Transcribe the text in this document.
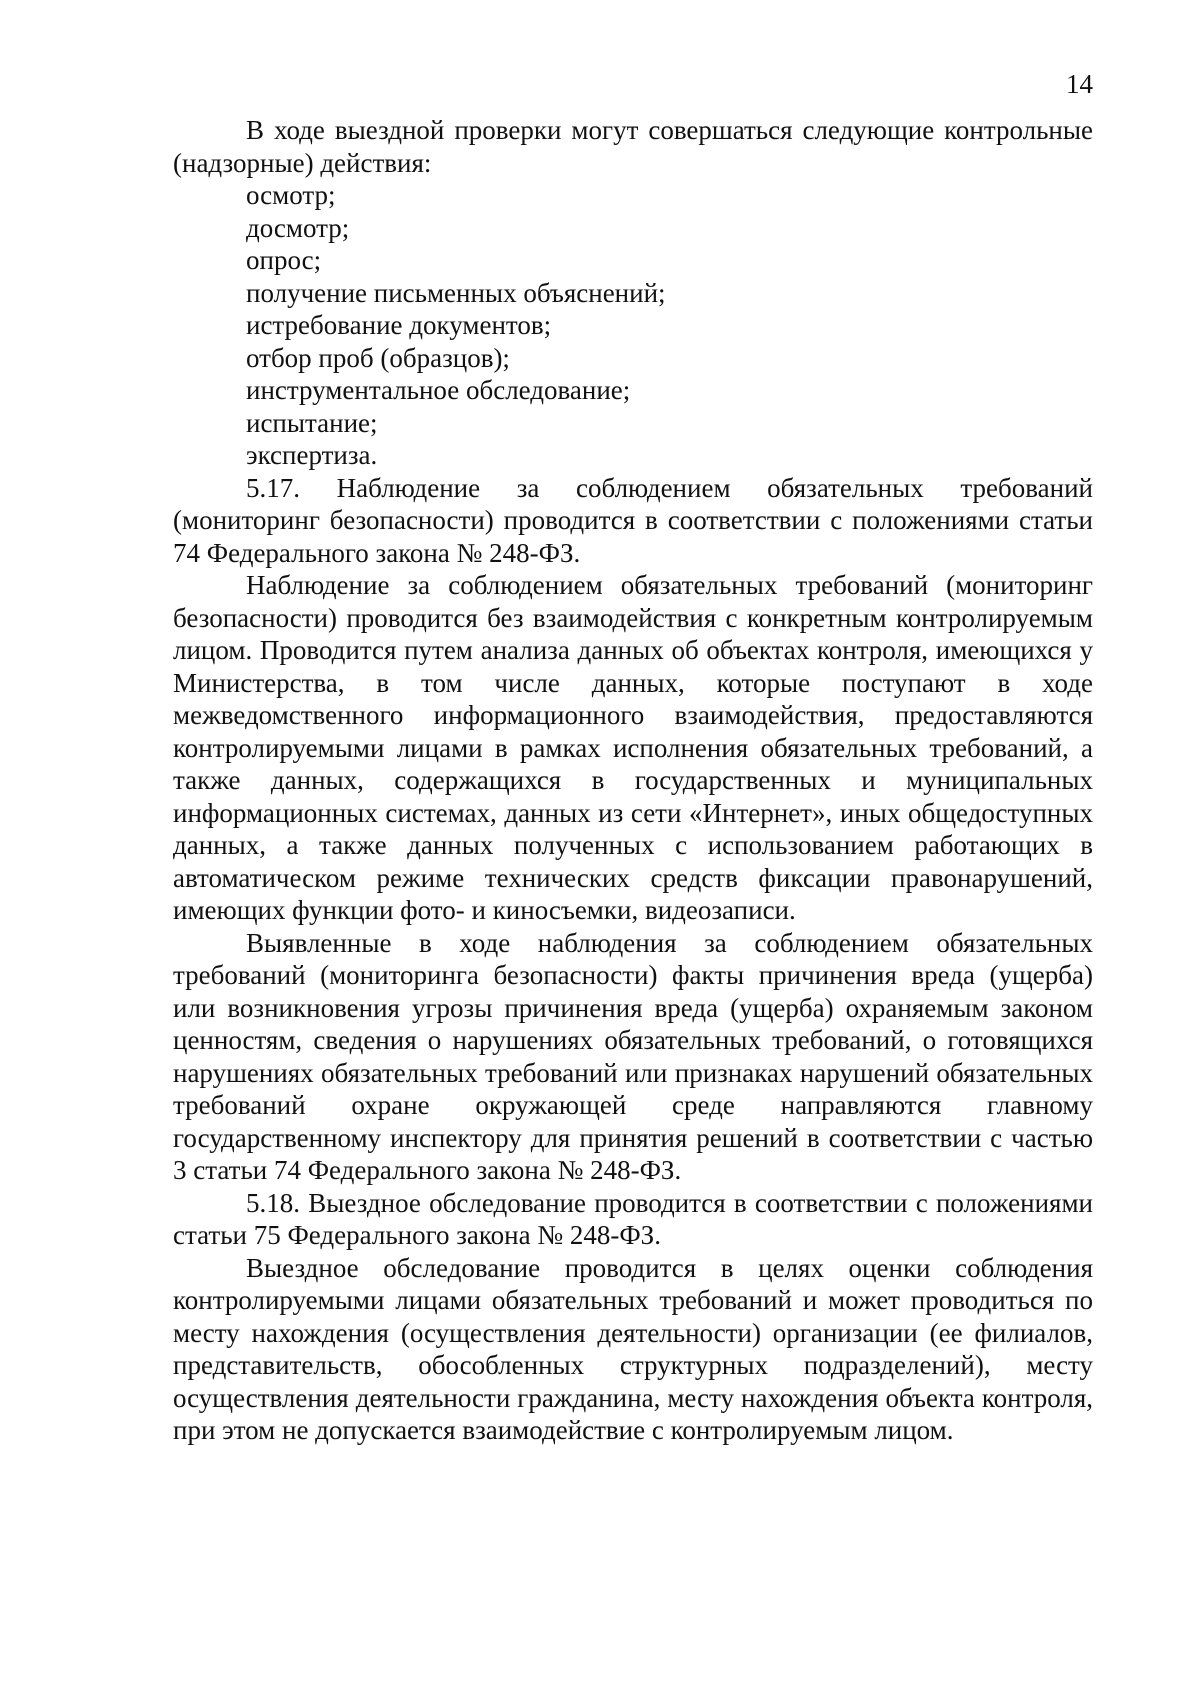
14

В ходе выездной проверки могут совершаться следующие контрольные (надзорные) действия:

осмотр;
досмотр;
опрос;
получение письменных объяснений;
истребование документов;
отбор проб (образцов);
инструментальное обследование;
испытание;
экспертиза.

5.17. Наблюдение за соблюдением обязательных требований (мониторинг безопасности) проводится в соответствии с положениями статьи 74 Федерального закона № 248-ФЗ.

Наблюдение за соблюдением обязательных требований (мониторинг безопасности) проводится без взаимодействия с конкретным контролируемым лицом. Проводится путем анализа данных об объектах контроля, имеющихся у Министерства, в том числе данных, которые поступают в ходе межведомственного информационного взаимодействия, предоставляются контролируемыми лицами в рамках исполнения обязательных требований, а также данных, содержащихся в государственных и муниципальных информационных системах, данных из сети «Интернет», иных общедоступных данных, а также данных полученных с использованием работающих в автоматическом режиме технических средств фиксации правонарушений, имеющих функции фото- и киносъемки, видеозаписи.

Выявленные в ходе наблюдения за соблюдением обязательных требований (мониторинга безопасности) факты причинения вреда (ущерба) или возникновения угрозы причинения вреда (ущерба) охраняемым законом ценностям, сведения о нарушениях обязательных требований, о готовящихся нарушениях обязательных требований или признаках нарушений обязательных требований охране окружающей среде направляются главному государственному инспектору для принятия решений в соответствии с частью 3 статьи 74 Федерального закона № 248-ФЗ.

5.18. Выездное обследование проводится в соответствии с положениями статьи 75 Федерального закона № 248-ФЗ.

Выездное обследование проводится в целях оценки соблюдения контролируемыми лицами обязательных требований и может проводиться по месту нахождения (осуществления деятельности) организации (ее филиалов, представительств, обособленных структурных подразделений), месту осуществления деятельности гражданина, месту нахождения объекта контроля, при этом не допускается взаимодействие с контролируемым лицом.
